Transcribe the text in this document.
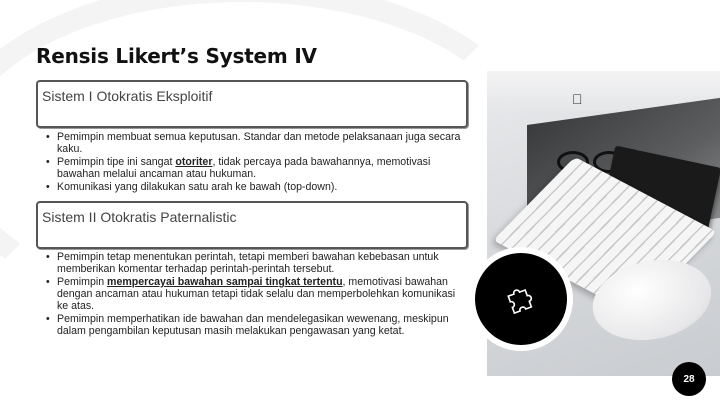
Rensis Likert’s System IV
Sistem I Otokratis Eksploitif
• Pemimpin membuat semua keputusan. Standar dan metode pelaksanaan juga secara kaku.
• Pemimpin tipe ini sangat otoriter, tidak percaya pada bawahannya, memotivasi bawahan melalui ancaman atau hukuman.
• Komunikasi yang dilakukan satu arah ke bawah (top-down).
Sistem II Otokratis Paternalistic
• Pemimpin tetap menentukan perintah, tetapi memberi bawahan kebebasan untuk memberikan komentar terhadap perintah-perintah tersebut.
• Pemimpin mempercayai bawahan sampai tingkat tertentu, memotivasi bawahan dengan ancaman atau hukuman tetapi tidak selalu dan memperbolehkan komunikasi ke atas.
• Pemimpin memperhatikan ide bawahan dan mendelegasikan wewenang, meskipun dalam pengambilan keputusan masih melakukan pengawasan yang ketat.
28
